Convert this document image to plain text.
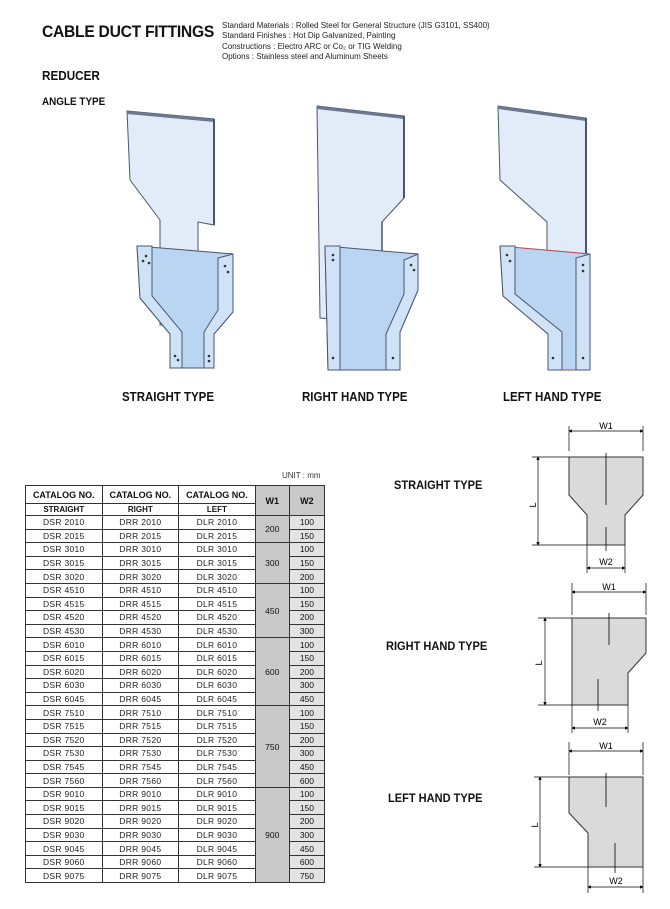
CABLE DUCT FITTINGS Standard Materials : Rolled Steel for General Structure (JIS G3101, SS400)
Standard Finishes : Hot Dip Galvanized, Painting
Constructions : Electro ARC or Co₂ or TIG Welding
Options : Stainless steel and Aluminum Sheets
REDUCER
ANGLE TYPE
STRAIGHT TYPE	RIGHT HAND TYPE	LEFT HAND TYPE
UNIT : mm
CATALOG NO.	CATALOG NO.	CATALOG NO.	W1	W2
STRAIGHT	RIGHT	LEFT		
DSR 2010	DRR 2010	DLR 2010	200	100
DSR 2015	DRR 2015	DLR 2015		150
DSR 3010	DRR 3010	DLR 3010	300	100
DSR 3015	DRR 3015	DLR 3015		150
DSR 3020	DRR 3020	DLR 3020		200
DSR 4510	DRR 4510	DLR 4510	450	100
DSR 4515	DRR 4515	DLR 4515		150
DSR 4520	DRR 4520	DLR 4520		200
DSR 4530	DRR 4530	DLR 4530		300
DSR 6010	DRR 6010	DLR 6010	600	100
DSR 6015	DRR 6015	DLR 6015		150
DSR 6020	DRR 6020	DLR 6020		200
DSR 6030	DRR 6030	DLR 6030		300
DSR 6045	DRR 6045	DLR 6045		450
DSR 7510	DRR 7510	DLR 7510	750	100
DSR 7515	DRR 7515	DLR 7515		150
DSR 7520	DRR 7520	DLR 7520		200
DSR 7530	DRR 7530	DLR 7530		300
DSR 7545	DRR 7545	DLR 7545		450
DSR 7560	DRR 7560	DLR 7560		600
DSR 9010	DRR 9010	DLR 9010	900	100
DSR 9015	DRR 9015	DLR 9015		150
DSR 9020	DRR 9020	DLR 9020		200
DSR 9030	DRR 9030	DLR 9030		300
DSR 9045	DRR 9045	DLR 9045		450
DSR 9060	DRR 9060	DLR 9060		600
DSR 9075	DRR 9075	DLR 9075		750
STRAIGHT TYPE
RIGHT HAND TYPE
LEFT HAND TYPE
W1
L
W2
W1
L
W2
W1
L
W2
